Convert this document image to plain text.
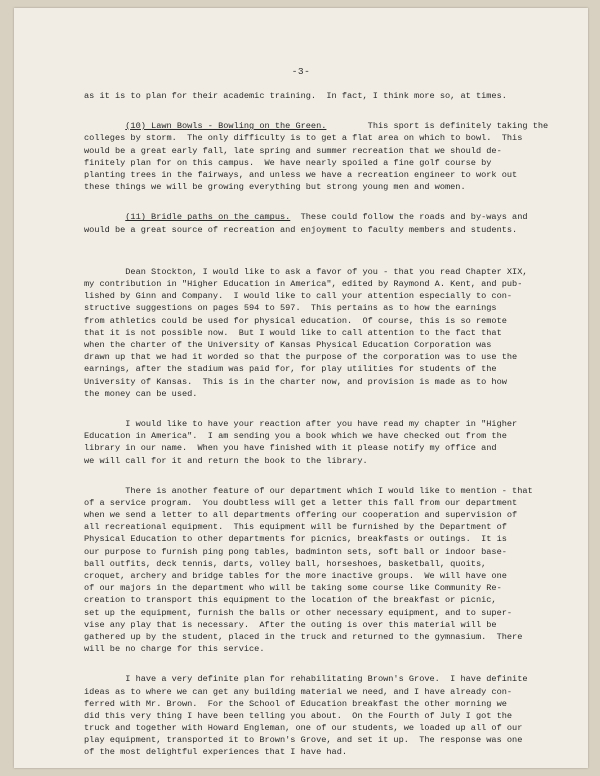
-3-
as it is to plan for their academic training.  In fact, I think more so, at times.
(10) Lawn Bowls - Bowling on the Green.        This sport is definitely taking the
colleges by storm.  The only difficulty is to get a flat area on which to bowl.  This
would be a great early fall, late spring and summer recreation that we should de-
finitely plan for on this campus.  We have nearly spoiled a fine golf course by
planting trees in the fairways, and unless we have a recreation engineer to work out
these things we will be growing everything but strong young men and women.
(11) Bridle paths on the campus.  These could follow the roads and by-ways and
would be a great source of recreation and enjoyment to faculty members and students.
Dean Stockton, I would like to ask a favor of you - that you read Chapter XIX,
my contribution in "Higher Education in America", edited by Raymond A. Kent, and pub-
lished by Ginn and Company.  I would like to call your attention especially to con-
structive suggestions on pages 594 to 597.  This pertains as to how the earnings
from athletics could be used for physical education.  Of course, this is so remote
that it is not possible now.  But I would like to call attention to the fact that
when the charter of the University of Kansas Physical Education Corporation was
drawn up that we had it worded so that the purpose of the corporation was to use the
earnings, after the stadium was paid for, for play utilities for students of the
University of Kansas.  This is in the charter now, and provision is made as to how
the money can be used.
I would like to have your reaction after you have read my chapter in "Higher
Education in America".  I am sending you a book which we have checked out from the
library in our name.  When you have finished with it please notify my office and
we will call for it and return the book to the library.
There is another feature of our department which I would like to mention - that
of a service program.  You doubtless will get a letter this fall from our department
when we send a letter to all departments offering our cooperation and supervision of
all recreational equipment.  This equipment will be furnished by the Department of
Physical Education to other departments for picnics, breakfasts or outings.  It is
our purpose to furnish ping pong tables, badminton sets, soft ball or indoor base-
ball outfits, deck tennis, darts, volley ball, horseshoes, basketball, quoits,
croquet, archery and bridge tables for the more inactive groups.  We will have one
of our majors in the department who will be taking some course like Community Re-
creation to transport this equipment to the location of the breakfast or picnic,
set up the equipment, furnish the balls or other necessary equipment, and to super-
vise any play that is necessary.  After the outing is over this material will be
gathered up by the student, placed in the truck and returned to the gymnasium.  There
will be no charge for this service.
I have a very definite plan for rehabilitating Brown's Grove.  I have definite
ideas as to where we can get any building material we need, and I have already con-
ferred with Mr. Brown.  For the School of Education breakfast the other morning we
did this very thing I have been telling you about.  On the Fourth of July I got the
truck and together with Howard Engleman, one of our students, we loaded up all of our
play equipment, transported it to Brown's Grove, and set it up.  The response was one
of the most delightful experiences that I have had.
